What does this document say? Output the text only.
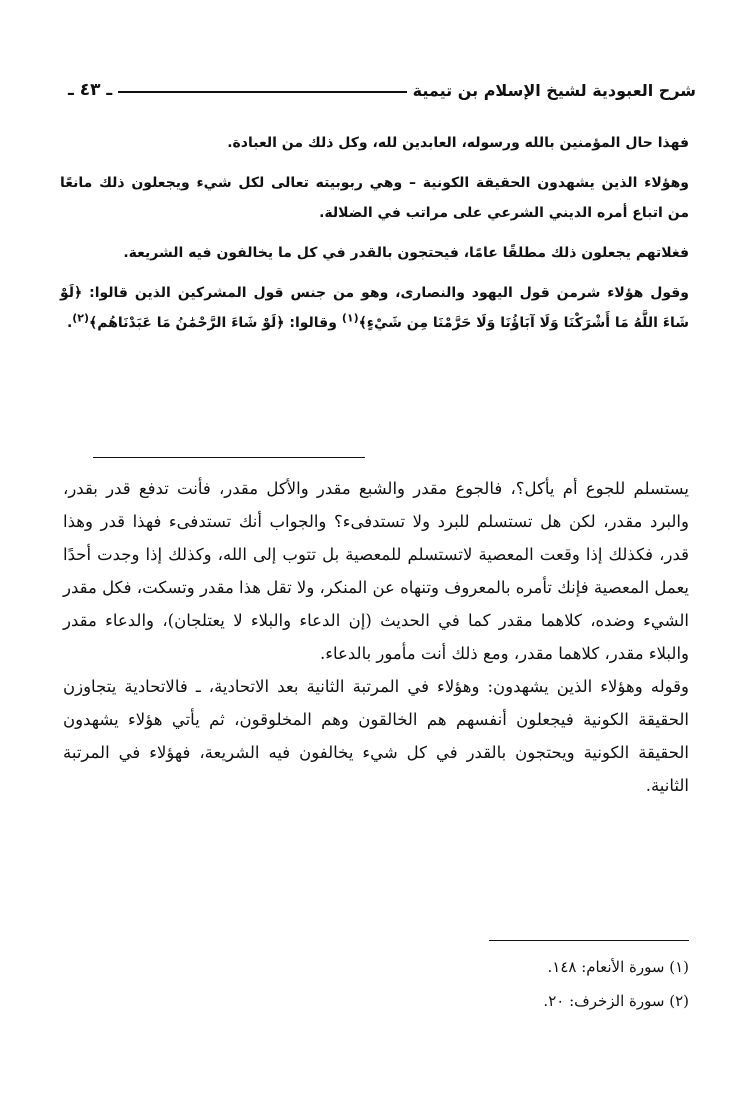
شرح العبودية لشيخ الإسلام بن تيمية
ـ ٤٣ ـ

فهذا حال المؤمنين بالله ورسوله، العابدين لله، وكل ذلك من العبادة.

وهؤلاء الذين يشهدون الحقيقة الكونية – وهي ربوبيته تعالى لكل شيء ويجعلون ذلك مانعًا من اتباع أمره الديني الشرعي على مراتب في الضلالة.

فغلاتهم يجعلون ذلك مطلقًا عامًا، فيحتجون بالقدر في كل ما يخالفون فيه الشريعة.

وقول هؤلاء شرمن قول اليهود والنصارى، وهو من جنس قول المشركين الذين قالوا: ﴿لَوْ شَاءَ اللَّهُ مَا أَشْرَكْنَا وَلَا آبَاؤُنَا وَلَا حَرَّمْنَا مِن شَيْءٍ﴾$^{(١)}$ وقالوا: ﴿لَوْ شَاءَ الرَّحْمَٰنُ مَا عَبَدْنَاهُم﴾$^{(٢)}$.

يستسلم للجوع أم يأكل؟، فالجوع مقدر والشبع مقدر والأكل مقدر، فأنت تدفع قدر بقدر، والبرد مقدر، لكن هل تستسلم للبرد ولا تستدفىء؟ والجواب أنك تستدفىء فهذا قدر وهذا قدر، فكذلك إذا وقعت المعصية لاتستسلم للمعصية بل تتوب إلى الله، وكذلك إذا وجدت أحدًا يعمل المعصية فإنك تأمره بالمعروف وتنهاه عن المنكر، ولا تقل هذا مقدر وتسكت، فكل مقدر الشيء وضده، كلاهما مقدر كما في الحديث (إن الدعاء والبلاء لا يعتلجان)، والدعاء مقدر والبلاء مقدر، كلاهما مقدر، ومع ذلك أنت مأمور بالدعاء.

وقوله وهؤلاء الذين يشهدون: وهؤلاء في المرتبة الثانية بعد الاتحادية، ـ فالاتحادية يتجاوزن الحقيقة الكونية فيجعلون أنفسهم هم الخالقون وهم المخلوقون، ثم يأتي هؤلاء يشهدون الحقيقة الكونية ويحتجون بالقدر في كل شيء يخالفون فيه الشريعة، فهؤلاء في المرتبة الثانية.

(١) سورة الأنعام: ١٤٨.
(٢) سورة الزخرف: ٢٠.
